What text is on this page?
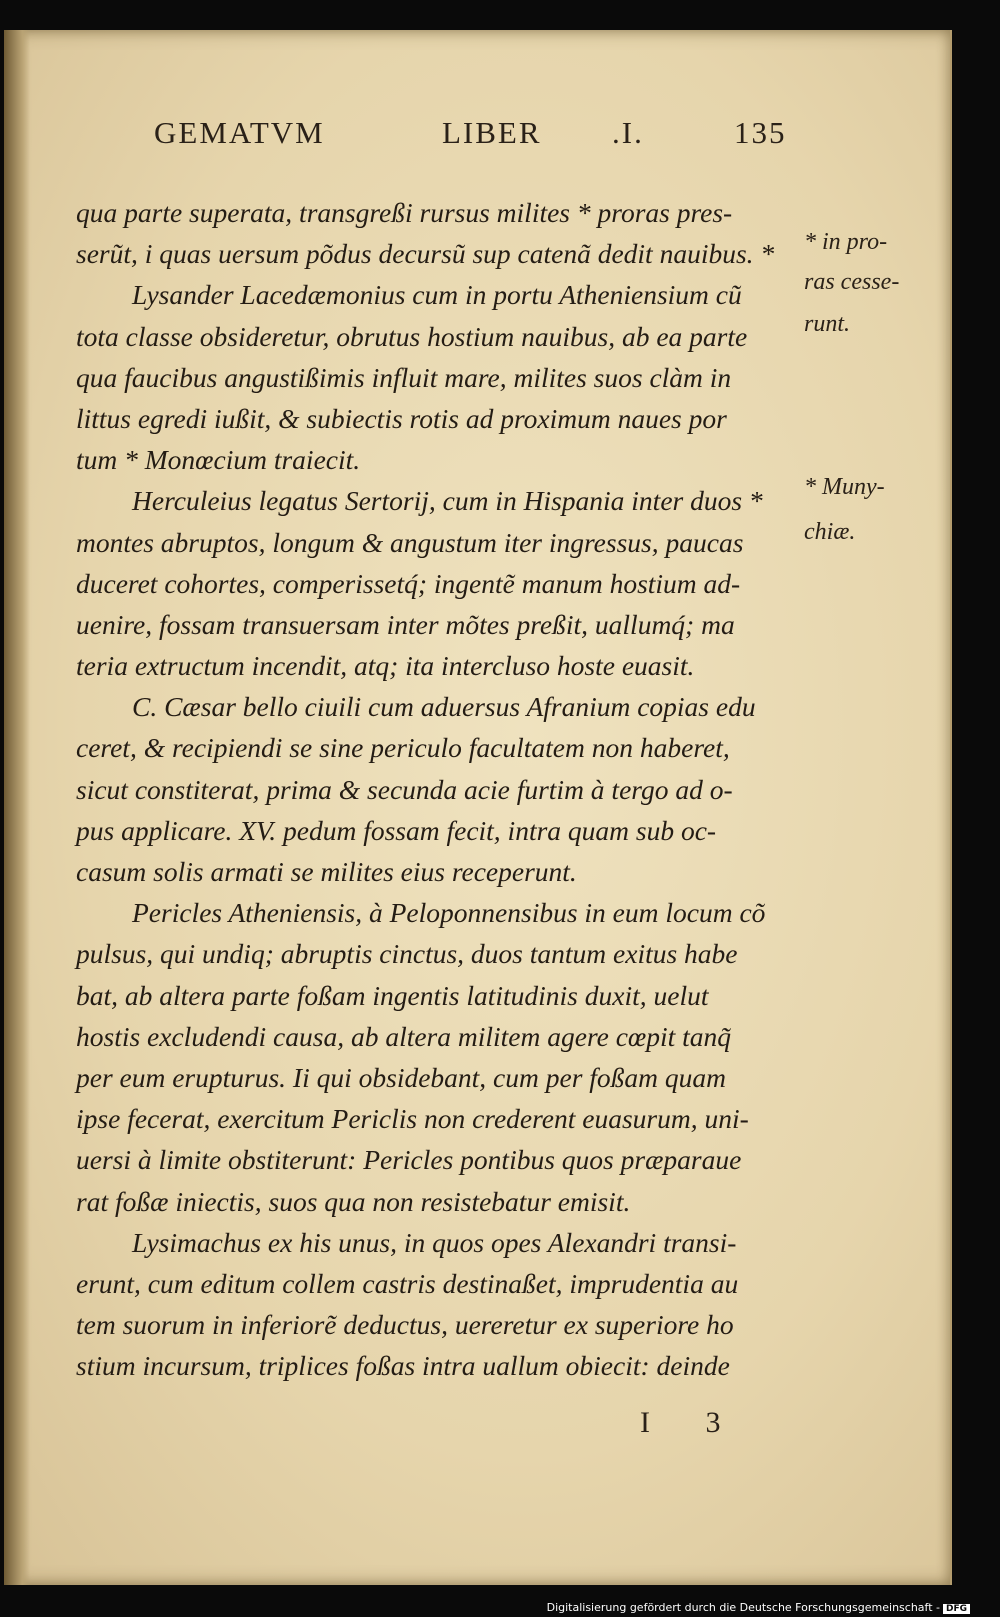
GEMATVM	LIBER .I.	135
qua parte superata, transgreßi rursus milites * proras pres-
serũt, i quas uersum põdus decursũ sup catenã dedit nauibus. *
Lysander Lacedæmonius cum in portu Atheniensium cũ
tota classe obsideretur, obrutus hostium nauibus, ab ea parte
qua faucibus angustißimis influit mare, milites suos clàm in
littus egredi iußit, & subiectis rotis ad proximum naues por
tum * Monœcium traiecit.
Herculeius legatus Sertorij, cum in Hispania inter duos *
montes abruptos, longum & angustum iter ingressus, paucas
duceret cohortes, comperissetq́; ingentẽ manum hostium ad-
uenire, fossam transuersam inter mõtes preßit, uallumq́; ma
teria extructum incendit, atq; ita intercluso hoste euasit.
C. Cæsar bello ciuili cum aduersus Afranium copias edu
ceret, & recipiendi se sine periculo facultatem non haberet,
sicut constiterat, prima & secunda acie furtim à tergo ad o-
pus applicare. XV. pedum fossam fecit, intra quam sub oc-
casum solis armati se milites eius receperunt.
Pericles Atheniensis, à Peloponnensibus in eum locum cõ
pulsus, qui undiq; abruptis cinctus, duos tantum exitus habe
bat, ab altera parte foßam ingentis latitudinis duxit, uelut
hostis excludendi causa, ab altera militem agere cœpit tanq̃
per eum erupturus. Ii qui obsidebant, cum per foßam quam
ipse fecerat, exercitum Periclis non crederent euasurum, uni-
uersi à limite obstiterunt: Pericles pontibus quos præparaue
rat foßæ iniectis, suos qua non resistebatur emisit.
Lysimachus ex his unus, in quos opes Alexandri transi-
erunt, cum editum collem castris destinaßet, imprudentia au
tem suorum in inferiorẽ deductus, uereretur ex superiore ho
stium incursum, triplices foßas intra uallum obiecit: deinde
* in pro-
ras cesse-
runt.
* Muny-
chiæ.
I 3
Digitalisierung gefördert durch die Deutsche Forschungsgemeinschaft - DFG
